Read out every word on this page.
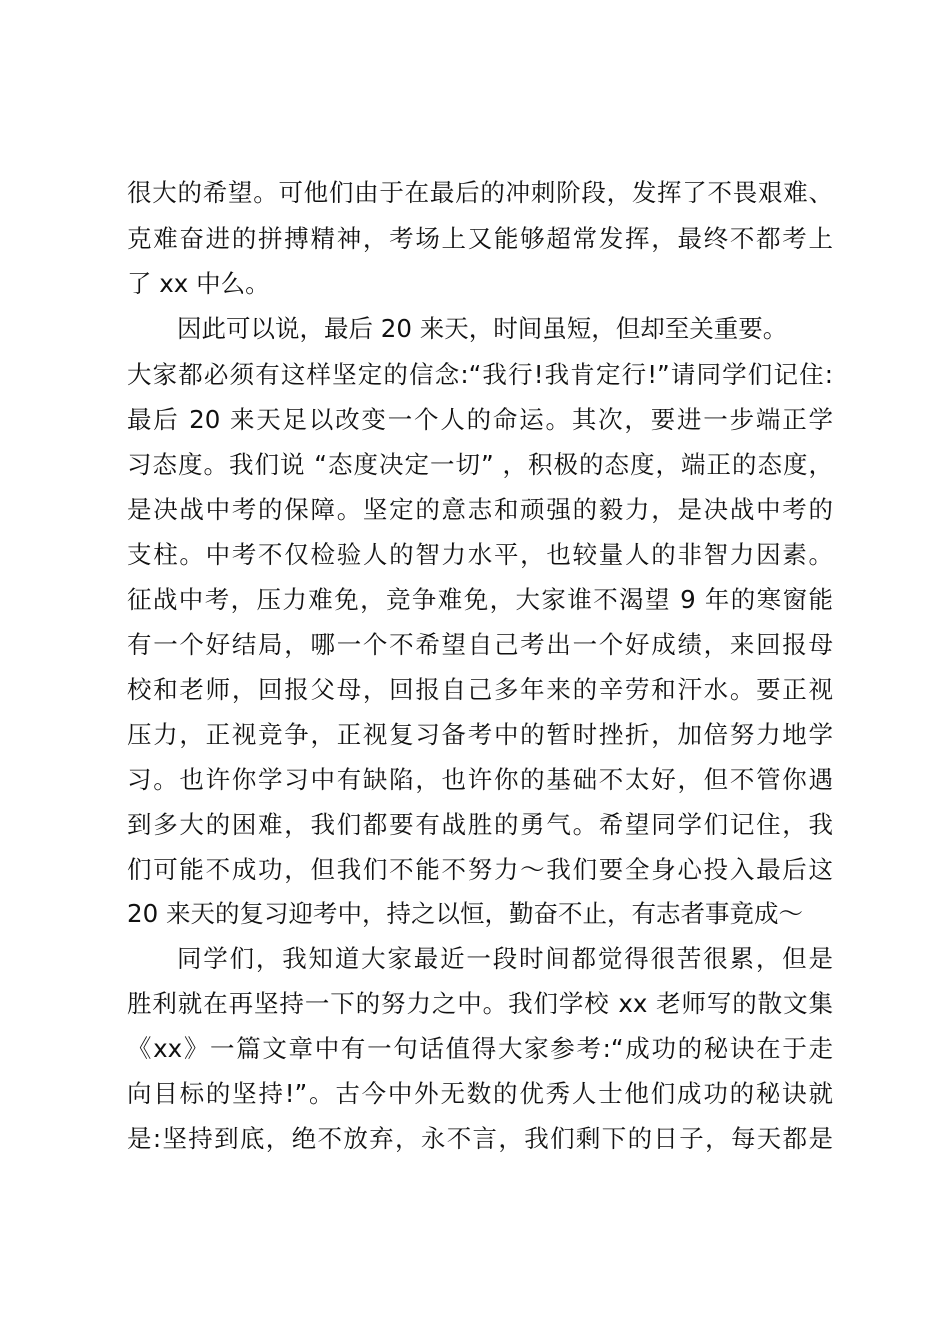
很大的希望。可他们由于在最后的冲刺阶段，发挥了不畏艰难、
克难奋进的拼搏精神，考场上又能够超常发挥，最终不都考上
了 xx 中么。
因此可以说，最后 20 来天，时间虽短，但却至关重要。
大家都必须有这样坚定的信念:“我行!我肯定行!”请同学们记住:
最后 20 来天足以改变一个人的命运。其次，要进一步端正学
习态度。我们说 “态度决定一切” ，积极的态度，端正的态度，
是决战中考的保障。坚定的意志和顽强的毅力，是决战中考的
支柱。中考不仅检验人的智力水平，也较量人的非智力因素。
征战中考，压力难免，竞争难免，大家谁不渴望 9 年的寒窗能
有一个好结局，哪一个不希望自己考出一个好成绩，来回报母
校和老师，回报父母，回报自己多年来的辛劳和汗水。要正视
压力，正视竞争，正视复习备考中的暂时挫折，加倍努力地学
习。也许你学习中有缺陷，也许你的基础不太好，但不管你遇
到多大的困难，我们都要有战胜的勇气。希望同学们记住，我
们可能不成功，但我们不能不努力～我们要全身心投入最后这
20 来天的复习迎考中，持之以恒，勤奋不止，有志者事竟成～
同学们，我知道大家最近一段时间都觉得很苦很累，但是
胜利就在再坚持一下的努力之中。我们学校 xx 老师写的散文集
《xx》一篇文章中有一句话值得大家参考:“成功的秘诀在于走
向目标的坚持!”。古今中外无数的优秀人士他们成功的秘诀就
是:坚持到底，绝不放弃，永不言，我们剩下的日子，每天都是
